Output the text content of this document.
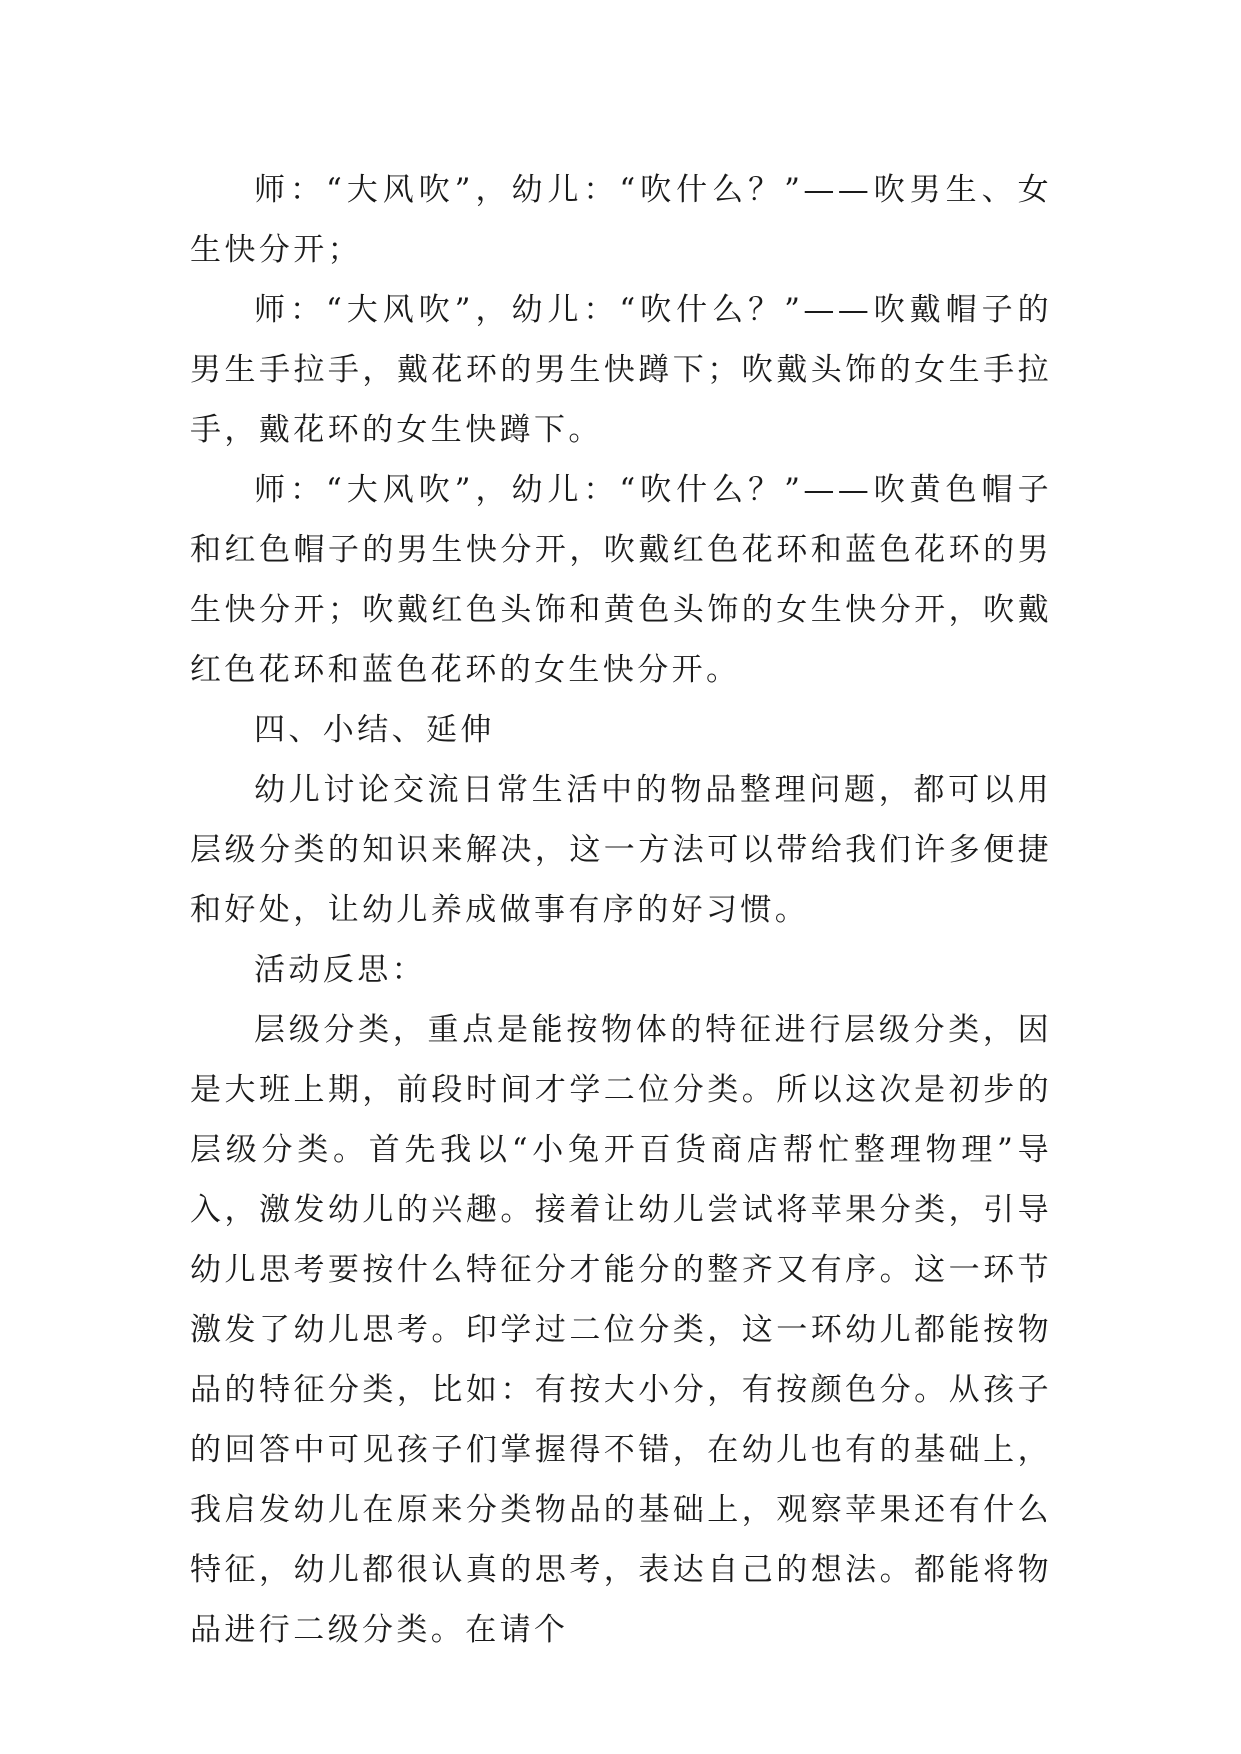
师：“大风吹”，幼儿：“吹什么？”——吹男生、女生快分开；

师：“大风吹”，幼儿：“吹什么？”——吹戴帽子的男生手拉手，戴花环的男生快蹲下；吹戴头饰的女生手拉手，戴花环的女生快蹲下。

师：“大风吹”，幼儿：“吹什么？”——吹黄色帽子和红色帽子的男生快分开，吹戴红色花环和蓝色花环的男生快分开；吹戴红色头饰和黄色头饰的女生快分开，吹戴红色花环和蓝色花环的女生快分开。

四、小结、延伸

幼儿讨论交流日常生活中的物品整理问题，都可以用层级分类的知识来解决，这一方法可以带给我们许多便捷和好处，让幼儿养成做事有序的好习惯。

活动反思：

层级分类，重点是能按物体的特征进行层级分类，因是大班上期，前段时间才学二位分类。所以这次是初步的层级分类。首先我以“小兔开百货商店帮忙整理物理”导入，激发幼儿的兴趣。接着让幼儿尝试将苹果分类，引导幼儿思考要按什么特征分才能分的整齐又有序。这一环节激发了幼儿思考。印学过二位分类，这一环幼儿都能按物品的特征分类，比如：有按大小分，有按颜色分。从孩子的回答中可见孩子们掌握得不错，在幼儿也有的基础上，我启发幼儿在原来分类物品的基础上，观察苹果还有什么特征，幼儿都很认真的思考，表达自己的想法。都能将物品进行二级分类。在请个
